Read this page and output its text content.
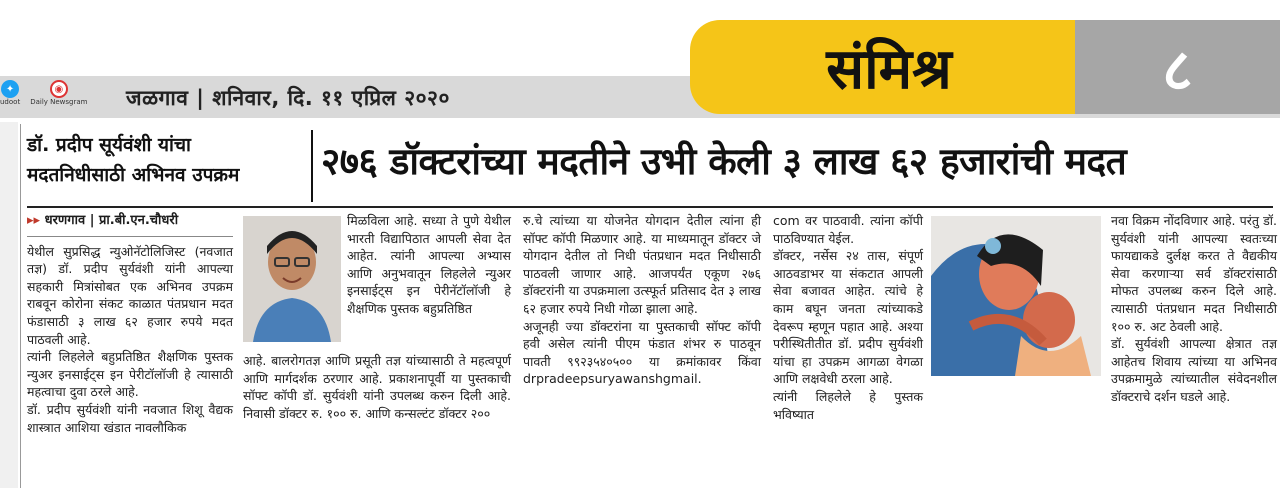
✦
udoot
◉
Daily Newsgram जळगाव | शनिवार, दि. ११ एप्रिल २०२०	संमिश्र	८
डॉ. प्रदीप सूर्यवंशी यांचा
मदतनिधीसाठी अभिनव उपक्रम	२७६ डॉक्टरांच्या मदतीने उभी केली ३ लाख ६२ हजारांची मदत
▸▸ धरणगाव | प्रा.बी.एन.चौधरी

येथील सुप्रसिद्ध न्युओनॅटोलिजिस्ट (नवजात तज्ञ) डॉ. प्रदीप सुर्यवंशी यांनी आपल्या सहकारी मित्रांसोबत एक अभिनव उपक्रम राबवून कोरोना संकट काळात पंतप्रधान मदत फंडासाठी ३ लाख ६२ हजार रुपये मदत पाठवली आहे.

त्यांनी लिहलेले बहुप्रतिष्ठित शैक्षणिक पुस्तक न्युअर इनसाईट्स इन पेरीटॉलॉजी हे त्यासाठी महत्वाचा दुवा ठरले आहे.

डॉ. प्रदीप सुर्यवंशी यांनी नवजात शिशू वैद्यक शास्त्रात आशिया खंडात नावलौकिक

मिळविला आहे. सध्या ते पुणे येथील भारती विद्यापिठात आपली सेवा देत आहेत. त्यांनी आपल्या अभ्यास आणि अनुभवातून लिहलेले न्युअर इनसाईट्स इन पेरीनॅटॉलॉजी हे शैक्षणिक पुस्तक बहुप्रतिष्ठित

आहे. बालरोगतज्ञ आणि प्रसूती तज्ञ यांच्यासाठी ते महत्वपूर्ण आणि मार्गदर्शक ठरणार आहे. प्रकाशनापूर्वी या पुस्तकाची सॉफ्ट कॉपी डॉ. सुर्यवंशी यांनी उपलब्ध करुन दिली आहे. निवासी डॉक्टर रु. १०० रु. आणि कन्सल्टंट डॉक्टर २००

रु.चे त्यांच्या या योजनेत योगदान देतील त्यांना ही सॉफ्ट कॉपी मिळणार आहे. या माध्यमातून डॉक्टर जे योगदान देतील तो निधी पंतप्रधान मदत निधीसाठी पाठवली जाणार आहे. आजपर्यंत एकूण २७६ डॉक्टरांनी या उपक्रमाला उत्स्फूर्त प्रतिसाद देत ३ लाख ६२ हजार रुपये निधी गोळा झाला आहे.

अजूनही ज्या डॉक्टरांना या पुस्तकाची सॉफ्ट कॉपी हवी असेल त्यांनी पीएम फंडात शंभर रु पाठवून पावती ९९२३५४०५०० या क्रमांकावर किंवा drpradeepsuryawanshgmail.

com वर पाठवावी. त्यांना कॉपी पाठविण्यात येईल.

डॉक्टर, नर्सेस २४ तास, संपूर्ण आठवडाभर या संकटात आपली सेवा बजावत आहेत. त्यांचे हे काम बघून जनता त्यांच्याकडे देवरूप म्हणून पहात आहे. अश्या परीस्थितीतीत डॉ. प्रदीप सुर्यवंशी यांचा हा उपक्रम आगळा वेगळा आणि लक्षवेधी ठरला आहे.

त्यांनी लिहलेले हे पुस्तक भविष्यात

नवा विक्रम नोंदविणार आहे. परंतु डॉ. सुर्यवंशी यांनी आपल्या स्वतःच्या फायद्याकडे दुर्लक्ष करत ते वैद्यकीय सेवा करणाऱ्या सर्व डॉक्टरांसाठी मोफत उपलब्ध करुन दिले आहे. त्यासाठी पंतप्रधान मदत निधीसाठी १०० रु. अट ठेवली आहे.

डॉ. सुर्यवंशी आपल्या क्षेत्रात तज्ञ आहेतच शिवाय त्यांच्या या अभिनव उपक्रमामुळे त्यांच्यातील संवेदनशील डॉक्टराचे दर्शन घडले आहे.
